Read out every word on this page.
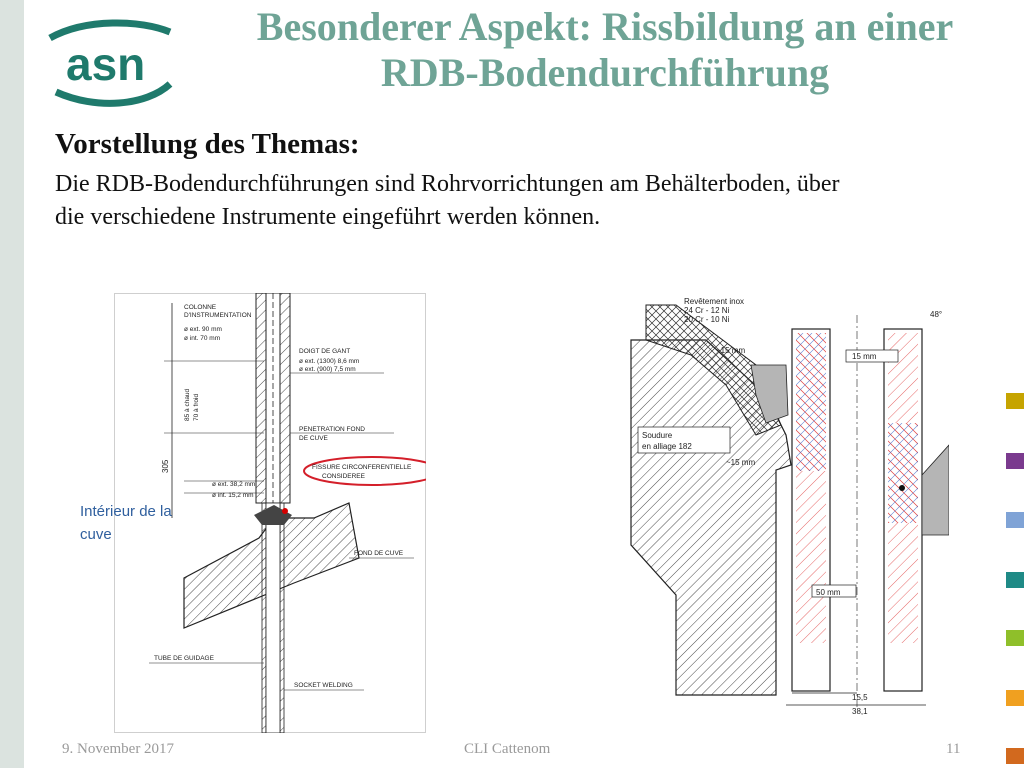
asn
Besonderer Aspekt: Rissbildung an einer
RDB-Bodendurchführung
Vorstellung des Themas:
Die RDB-Bodendurchführungen sind Rohrvorrichtungen am Behälterboden, über
die verschiedene Instrumente eingeführt werden können.
COLONNE
D'INSTRUMENTATION
ø ext. 90 mm
ø int. 70 mm
DOIGT DE GANT
ø ext. (1300) 8,6 mm
ø ext. (900) 7,5 mm
85 à chaud 70 à froid
PENETRATION FOND
DE CUVE
305	FISSURE CIRCONFERENTIELLE
CONSIDEREE
ø ext. 38,2 mm
ø int. 15,2 mm
FOND DE CUVE
TUBE DE GUIDAGE
SOCKET WELDING
Intérieur de la
cuve
Revêtement inox
24 Cr - 12 Ni
20 Cr - 10 Ni
~15 mm
15 mm
Soudure
en alliage 182
~15 mm
50 mm
15,5
38,1
48°
9. November 2017	CLI Cattenom	11
